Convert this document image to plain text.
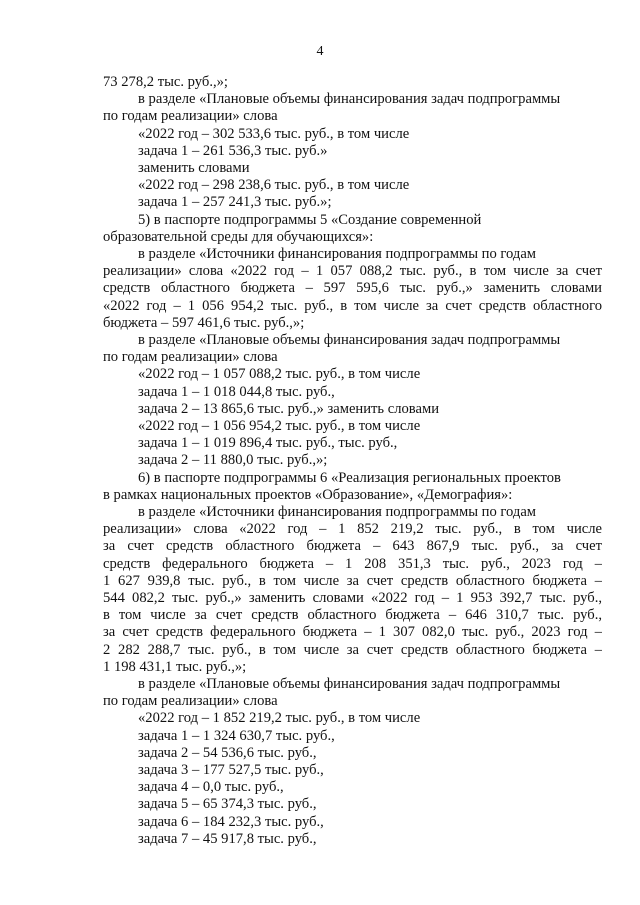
4
73 278,2 тыс. руб.,»;
в разделе «Плановые объемы финансирования задач подпрограммы
по годам реализации» слова
«2022 год – 302 533,6 тыс. руб., в том числе
задача 1 – 261 536,3 тыс. руб.»
заменить словами
«2022 год – 298 238,6 тыс. руб., в том числе
задача 1 – 257 241,3 тыс. руб.»;
5) в паспорте подпрограммы 5 «Создание современной
образовательной среды для обучающихся»:
в разделе «Источники финансирования подпрограммы по годам
реализации» слова «2022 год – 1 057 088,2 тыс. руб., в том числе за счет
средств областного бюджета – 597 595,6 тыс. руб.,» заменить словами
«2022 год – 1 056 954,2 тыс. руб., в том числе за счет средств областного
бюджета – 597 461,6 тыс. руб.,»;
в разделе «Плановые объемы финансирования задач подпрограммы
по годам реализации» слова
«2022 год – 1 057 088,2 тыс. руб., в том числе
задача 1 – 1 018 044,8 тыс. руб.,
задача 2 – 13 865,6 тыс. руб.,» заменить словами
«2022 год – 1 056 954,2 тыс. руб., в том числе
задача 1 – 1 019 896,4 тыс. руб., тыс. руб.,
задача 2 – 11 880,0 тыс. руб.,»;
6) в паспорте подпрограммы 6 «Реализация региональных проектов
в рамках национальных проектов «Образование», «Демография»:
в разделе «Источники финансирования подпрограммы по годам
реализации» слова «2022 год – 1 852 219,2 тыс. руб., в том числе
за счет средств областного бюджета – 643 867,9 тыс. руб., за счет
средств федерального бюджета – 1 208 351,3 тыс. руб., 2023 год –
1 627 939,8 тыс. руб., в том числе за счет средств областного бюджета –
544 082,2 тыс. руб.,» заменить словами «2022 год – 1 953 392,7 тыс. руб.,
в том числе за счет средств областного бюджета – 646 310,7 тыс. руб.,
за счет средств федерального бюджета – 1 307 082,0 тыс. руб., 2023 год –
2 282 288,7 тыс. руб., в том числе за счет средств областного бюджета –
1 198 431,1 тыс. руб.,»;
в разделе «Плановые объемы финансирования задач подпрограммы
по годам реализации» слова
«2022 год – 1 852 219,2 тыс. руб., в том числе
задача 1 – 1 324 630,7 тыс. руб.,
задача 2 – 54 536,6 тыс. руб.,
задача 3 – 177 527,5 тыс. руб.,
задача 4 – 0,0 тыс. руб.,
задача 5 – 65 374,3 тыс. руб.,
задача 6 – 184 232,3 тыс. руб.,
задача 7 – 45 917,8 тыс. руб.,
